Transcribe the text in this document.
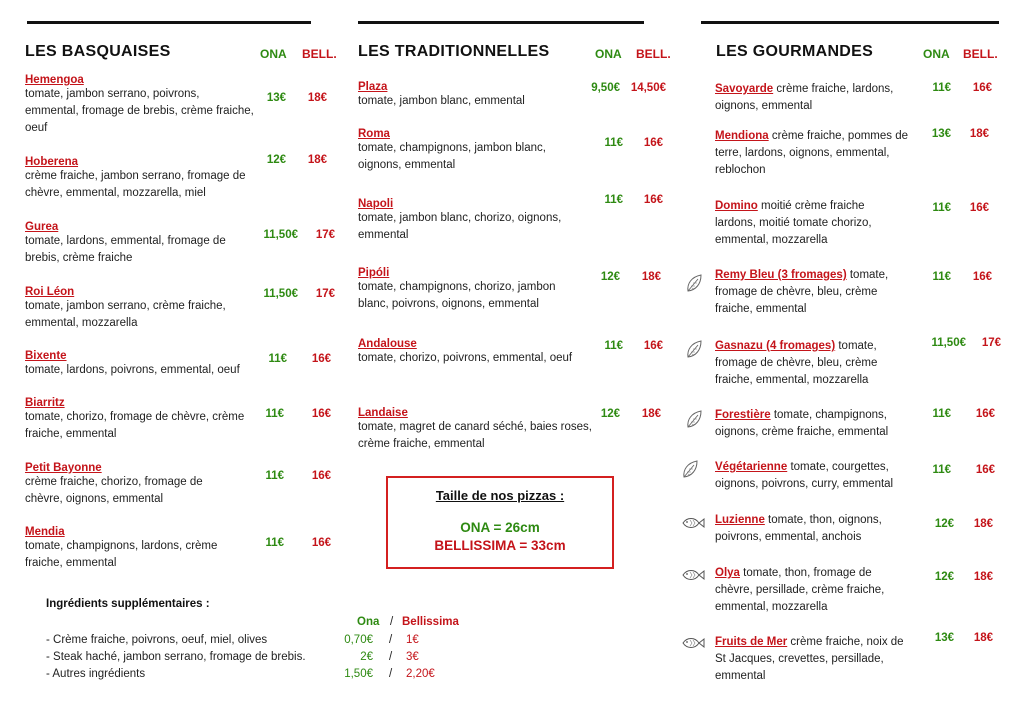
LES BASQUAISES	ONA BELL.
Hemengoa
tomate, jambon serrano, poivrons, emmental, fromage de brebis, crème fraiche, oeuf
13€	18€
Hoberena
crème fraiche, jambon serrano, fromage de chèvre, emmental, mozzarella, miel
12€	18€
Gurea
tomate, lardons, emmental, fromage de brebis, crème fraiche
11,50€	17€
Roi Léon
tomate, jambon serrano, crème fraiche, emmental, mozzarella
11,50€	17€
Bixente
tomate, lardons, poivrons, emmental, oeuf
11€	16€
Biarritz
tomate, chorizo, fromage de chèvre, crème fraiche, emmental
11€	16€
Petit Bayonne
crème fraiche, chorizo, fromage de chèvre, oignons, emmental
11€	16€
Mendia
tomate, champignons, lardons, crème fraiche, emmental
11€	16€
LES TRADITIONNELLES	ONA BELL.
Plaza
tomate, jambon blanc, emmental
9,50€ 14,50€
Roma
tomate, champignons, jambon blanc, oignons, emmental
11€	16€
Napoli
tomate, jambon blanc, chorizo, oignons, emmental
11€	16€
Pipóli
tomate, champignons, chorizo, jambon blanc, poivrons, oignons, emmental
12€	18€
Andalouse
tomate, chorizo, poivrons, emmental, oeuf
11€	16€
Landaise
tomate, magret de canard séché, baies roses, crème fraiche, emmental
12€	18€
Taille de nos pizzas :
ONA = 26cm
BELLISSIMA = 33cm
Ingrédients supplémentaires :
Ona / Bellissima
- Crème fraiche, poivrons, oeuf, miel, olives	0,70€ / 1€
- Steak haché, jambon serrano, fromage de brebis.	2€ / 3€
- Autres ingrédients	1,50€ / 2,20€
LES GOURMANDES	ONA BELL.
Savoyarde crème fraiche, lardons, oignons, emmental
11€	16€
Mendiona crème fraiche, pommes de terre, lardons, oignons, emmental, reblochon
13€	18€
Domino moitié crème fraiche lardons, moitié tomate chorizo, emmental, mozzarella
11€	16€
Remy Bleu (3 fromages) tomate, fromage de chèvre, bleu, crème fraiche, emmental
11€	16€
Gasnazu (4 fromages) tomate, fromage de chèvre, bleu, crème fraiche, emmental, mozzarella
11,50€	17€
Forestière tomate, champignons, oignons, crème fraiche, emmental
11€	16€
Végétarienne tomate, courgettes, oignons, poivrons, curry, emmental
11€	16€
Luzienne tomate, thon, oignons, poivrons, emmental, anchois
12€	18€
Olya tomate, thon, fromage de chèvre, persillade, crème fraiche, emmental, mozzarella
12€	18€
Fruits de Mer crème fraiche, noix de St Jacques, crevettes, persillade, emmental
13€	18€
